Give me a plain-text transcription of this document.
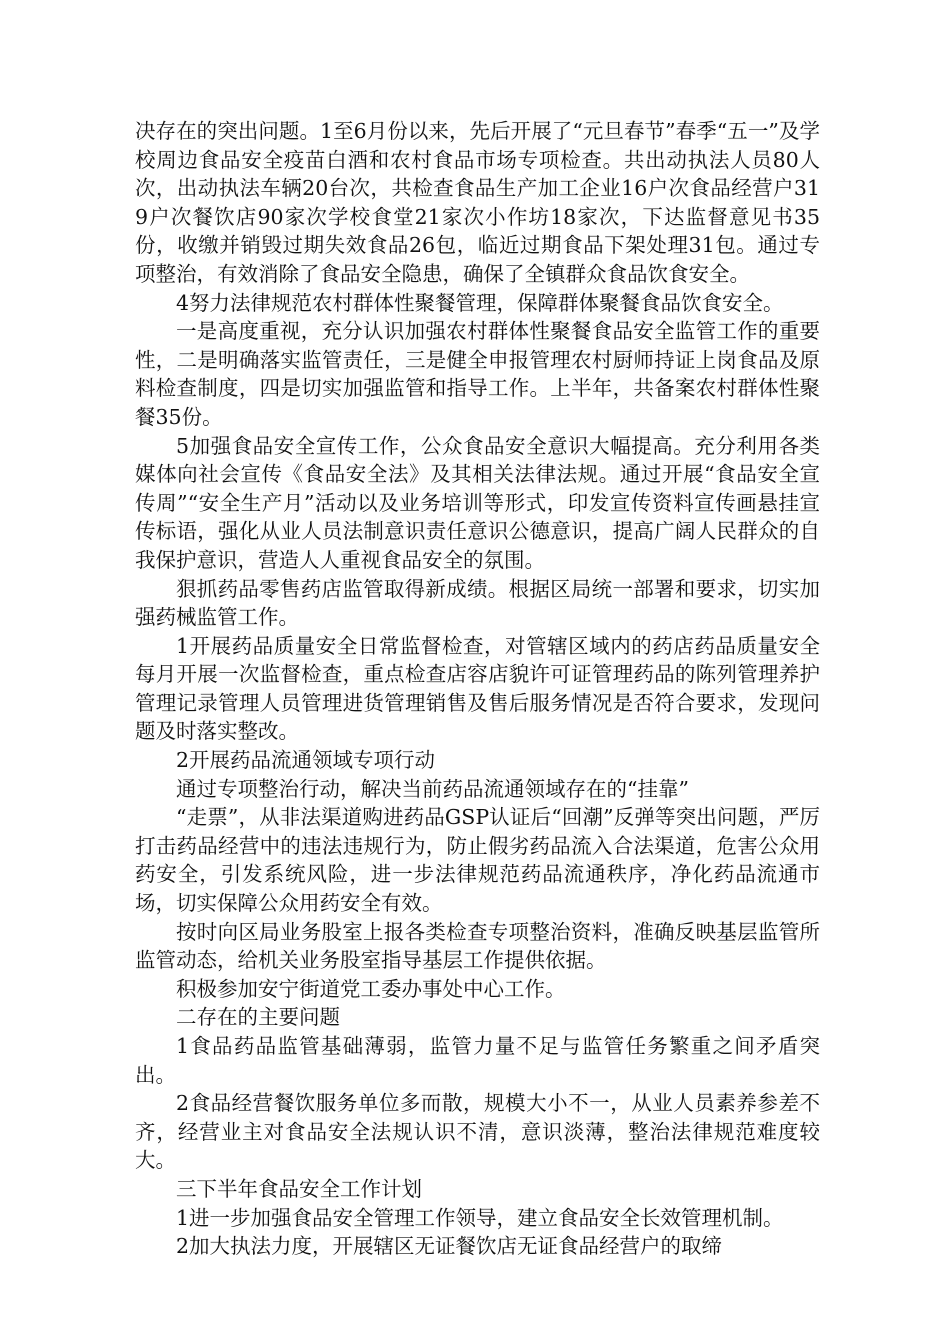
决存在的突出问题。1至6月份以来，先后开展了“元旦春节”春季“五一”及学校周边食品安全疫苗白酒和农村食品市场专项检查。共出动执法人员80人次，出动执法车辆20台次，共检查食品生产加工企业16户次食品经营户319户次餐饮店90家次学校食堂21家次小作坊18家次，下达监督意见书35份，收缴并销毁过期失效食品26包，临近过期食品下架处理31包。通过专项整治，有效消除了食品安全隐患，确保了全镇群众食品饮食安全。

4努力法律规范农村群体性聚餐管理，保障群体聚餐食品饮食安全。

一是高度重视，充分认识加强农村群体性聚餐食品安全监管工作的重要性，二是明确落实监管责任，三是健全申报管理农村厨师持证上岗食品及原料检查制度，四是切实加强监管和指导工作。上半年，共备案农村群体性聚餐35份。

5加强食品安全宣传工作，公众食品安全意识大幅提高。充分利用各类媒体向社会宣传《食品安全法》及其相关法律法规。通过开展“食品安全宣传周”“安全生产月”活动以及业务培训等形式，印发宣传资料宣传画悬挂宣传标语，强化从业人员法制意识责任意识公德意识，提高广阔人民群众的自我保护意识，营造人人重视食品安全的氛围。

狠抓药品零售药店监管取得新成绩。根据区局统一部署和要求，切实加强药械监管工作。

1开展药品质量安全日常监督检查，对管辖区域内的药店药品质量安全每月开展一次监督检查，重点检查店容店貌许可证管理药品的陈列管理养护管理记录管理人员管理进货管理销售及售后服务情况是否符合要求，发现问题及时落实整改。

2开展药品流通领域专项行动

通过专项整治行动，解决当前药品流通领域存在的“挂靠”

“走票”，从非法渠道购进药品GSP认证后“回潮”反弹等突出问题，严厉打击药品经营中的违法违规行为，防止假劣药品流入合法渠道，危害公众用药安全，引发系统风险，进一步法律规范药品流通秩序，净化药品流通市场，切实保障公众用药安全有效。

按时向区局业务股室上报各类检查专项整治资料，准确反映基层监管所监管动态，给机关业务股室指导基层工作提供依据。

积极参加安宁街道党工委办事处中心工作。

二存在的主要问题

1食品药品监管基础薄弱，监管力量不足与监管任务繁重之间矛盾突出。

2食品经营餐饮服务单位多而散，规模大小不一，从业人员素养参差不齐，经营业主对食品安全法规认识不清，意识淡薄，整治法律规范难度较大。

三下半年食品安全工作计划

1进一步加强食品安全管理工作领导，建立食品安全长效管理机制。

2加大执法力度，开展辖区无证餐饮店无证食品经营户的取缔
